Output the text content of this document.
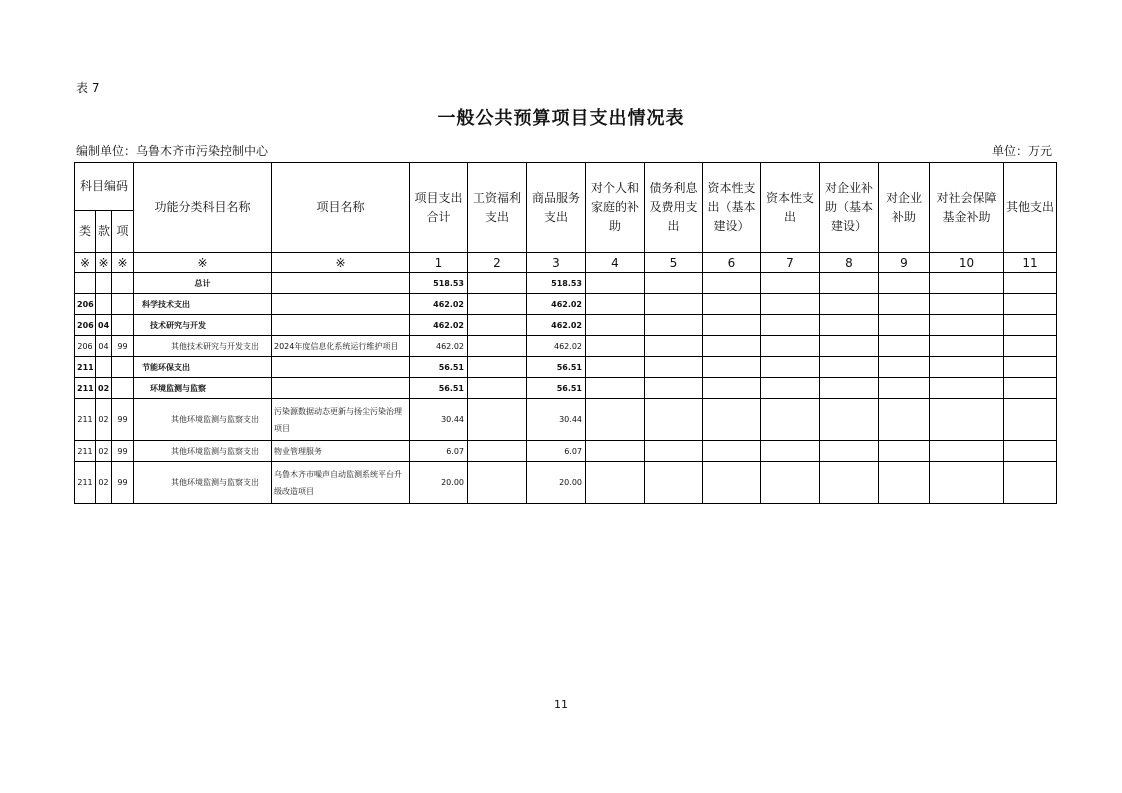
表 7
一般公共预算项目支出情况表
编制单位：乌鲁木齐市污染控制中心	单位：万元
科目编码			功能分类科目名称	项目名称	项目支出合计	工资福利支出	商品服务支出	对个人和家庭的补助	债务利息及费用支出	资本性支出（基本建设）	资本性支出	对企业补助（基本建设）	对企业补助	对社会保障基金补助	其他支出
类	款	项													
※	※	※	※	※	1	2	3	4	5	6	7	8	9	10	11
			总计		518.53		518.53								
206			科学技术支出		462.02		462.02								
206	04		技术研究与开发		462.02		462.02								
206	04	99	其他技术研究与开发支出	2024年度信息化系统运行维护项目	462.02		462.02								
211			节能环保支出		56.51		56.51								
211	02		环境监测与监察		56.51		56.51								
211	02	99	其他环境监测与监察支出	污染源数据动态更新与扬尘污染治理项目	30.44		30.44								
211	02	99	其他环境监测与监察支出	物业管理服务	6.07		6.07								
211	02	99	其他环境监测与监察支出	乌鲁木齐市噪声自动监测系统平台升级改造项目	20.00		20.00								
11
